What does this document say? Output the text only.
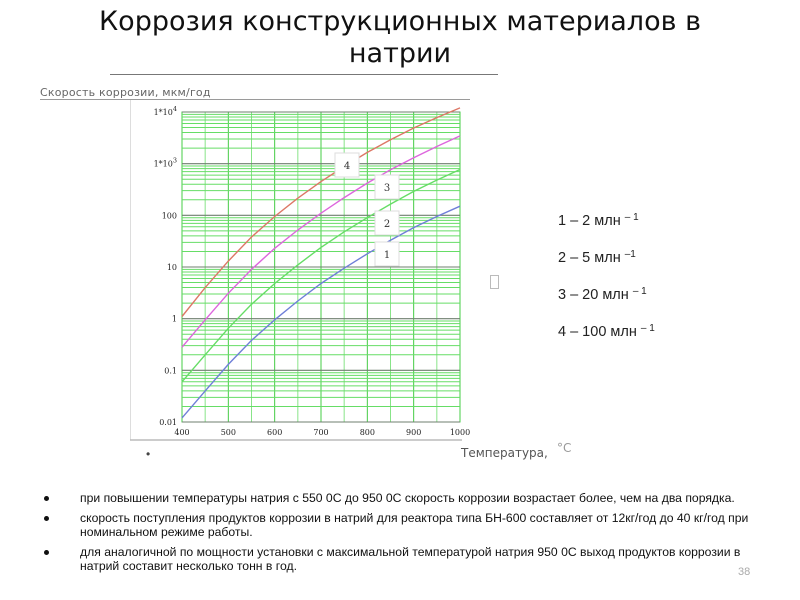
Коррозия конструкционных материалов в натрии
Скорость коррозии, мкм/год
400	500	600	700	800	900	1000
0.01
0.1
1
10
100
$1*10^3$
$1*10^4$
1
2
3
4
•	Температура, °С
1 – 2 млн $^{- 1}$
2 – 5 млн $^{-1}$
3 – 20 млн $^{- 1}$
4 – 100 млн $^{- 1}$
при повышении температуры натрия с 550 0С до 950 0С скорость коррозии возрастает более, чем на два порядка.
скорость поступления продуктов коррозии в натрий для реактора типа БН-600 составляет от 12кг/год до 40 кг/год при номинальном режиме работы.
для аналогичной по мощности установки с максимальной температурой натрия 950 0С выход продуктов коррозии в натрий составит несколько тонн в год.	38
